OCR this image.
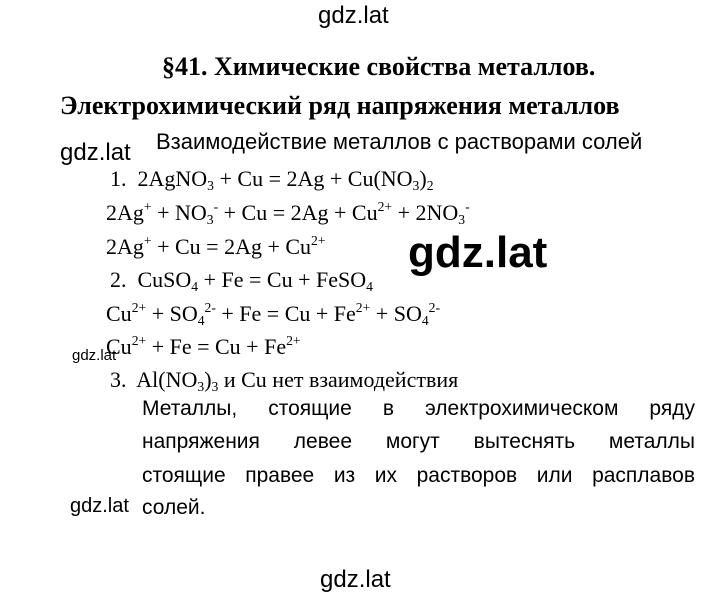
gdz.lat
gdz.lat
gdz.lat
gdz.lat
gdz.lat
gdz.lat
§41. Химические свойства металлов.
Электрохимический ряд напряжения металлов
Взаимодействие металлов с растворами солей
1.  2AgNO$_3$ + $Cu = 2Ag + Cu(NO_3)_2$
$2Ag^+ + NO_3^- + Cu = 2Ag + Cu^{2+} + 2NO_3^-$
$2Ag^+ + Cu = 2Ag + Cu^{2+}$
2.  CuSO$_4$ + Fe = Cu + FeSO$_4$
$Cu^{2+} + SO_4^{2-} + Fe = Cu + Fe^{2+} + SO_4^{2-}$
$Cu^{2+} + Fe = Cu + Fe^{2+}$
3.  $Al(NO_3)_3$ и Cu нет взаимодействия
Металлы, стоящие в электрохимическом ряду
напряжения левее могут вытеснять металлы
стоящие правее из их растворов или расплавов
солей.
